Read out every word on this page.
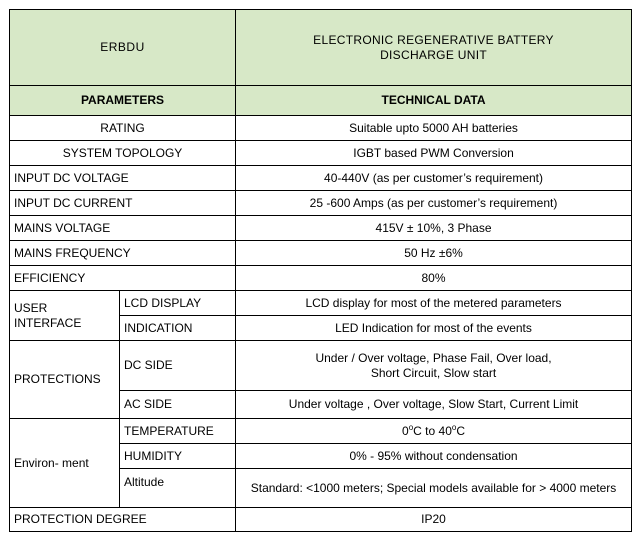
ERBDU		ELECTRONIC REGENERATIVE BATTERY
DISCHARGE UNIT
PARAMETERS		TECHNICAL DATA
RATING		Suitable upto 5000 AH batteries
SYSTEM TOPOLOGY		IGBT based PWM Conversion
INPUT DC VOLTAGE		40-440V (as per customer’s requirement)
INPUT DC CURRENT		25 -600 Amps (as per customer’s requirement)
MAINS VOLTAGE		415V ± 10%, 3 Phase
MAINS FREQUENCY		50 Hz ±6%
EFFICIENCY		80%
USER INTERFACE	LCD DISPLAY	LCD display for most of the metered parameters
	INDICATION	LED Indication for most of the events
PROTECTIONS	DC SIDE	Under / Over voltage, Phase Fail, Over load,
Short Circuit, Slow start
	AC SIDE	Under voltage , Over voltage, Slow Start, Current Limit
Environ- ment	TEMPERATURE	0$^o$C to 40$^o$C
	HUMIDITY	0% - 95% without condensation
	Altitude	Standard: <1000 meters; Special models available for > 4000 meters
PROTECTION DEGREE		IP20
